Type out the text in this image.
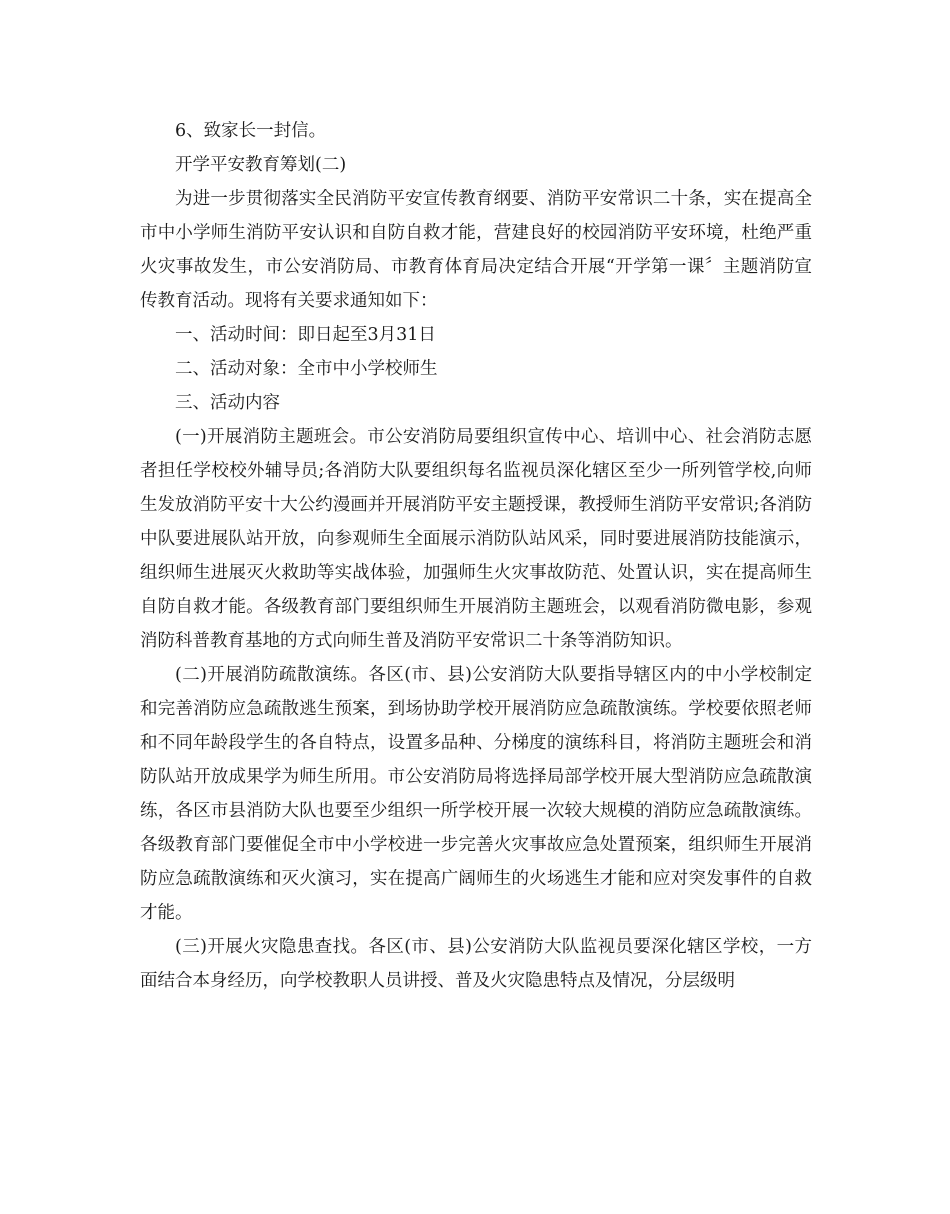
6、致家长一封信。

开学平安教育筹划(二)

为进一步贯彻落实全民消防平安宣传教育纲要、消防平安常识二十条，实在提高全市中小学师生消防平安认识和自防自救才能，营建良好的校园消防平安环境，杜绝严重火灾事故发生，市公安消防局、市教育体育局决定结合开展“开学第一课〞主题消防宣传教育活动。现将有关要求通知如下：

一、活动时间：即日起至3月31日

二、活动对象：全市中小学校师生

三、活动内容

(一)开展消防主题班会。市公安消防局要组织宣传中心、培训中心、社会消防志愿者担任学校校外辅导员;各消防大队要组织每名监视员深化辖区至少一所列管学校,向师生发放消防平安十大公约漫画并开展消防平安主题授课，教授师生消防平安常识;各消防中队要进展队站开放，向参观师生全面展示消防队站风采，同时要进展消防技能演示，组织师生进展灭火救助等实战体验，加强师生火灾事故防范、处置认识，实在提高师生自防自救才能。各级教育部门要组织师生开展消防主题班会，以观看消防微电影，参观消防科普教育基地的方式向师生普及消防平安常识二十条等消防知识。

(二)开展消防疏散演练。各区(市、县)公安消防大队要指导辖区内的中小学校制定和完善消防应急疏散逃生预案，到场协助学校开展消防应急疏散演练。学校要依照老师和不同年龄段学生的各自特点，设置多品种、分梯度的演练科目，将消防主题班会和消防队站开放成果学为师生所用。市公安消防局将选择局部学校开展大型消防应急疏散演练，各区市县消防大队也要至少组织一所学校开展一次较大规模的消防应急疏散演练。各级教育部门要催促全市中小学校进一步完善火灾事故应急处置预案，组织师生开展消防应急疏散演练和灭火演习，实在提高广阔师生的火场逃生才能和应对突发事件的自救才能。

(三)开展火灾隐患查找。各区(市、县)公安消防大队监视员要深化辖区学校，一方面结合本身经历，向学校教职人员讲授、普及火灾隐患特点及情况，分层级明
